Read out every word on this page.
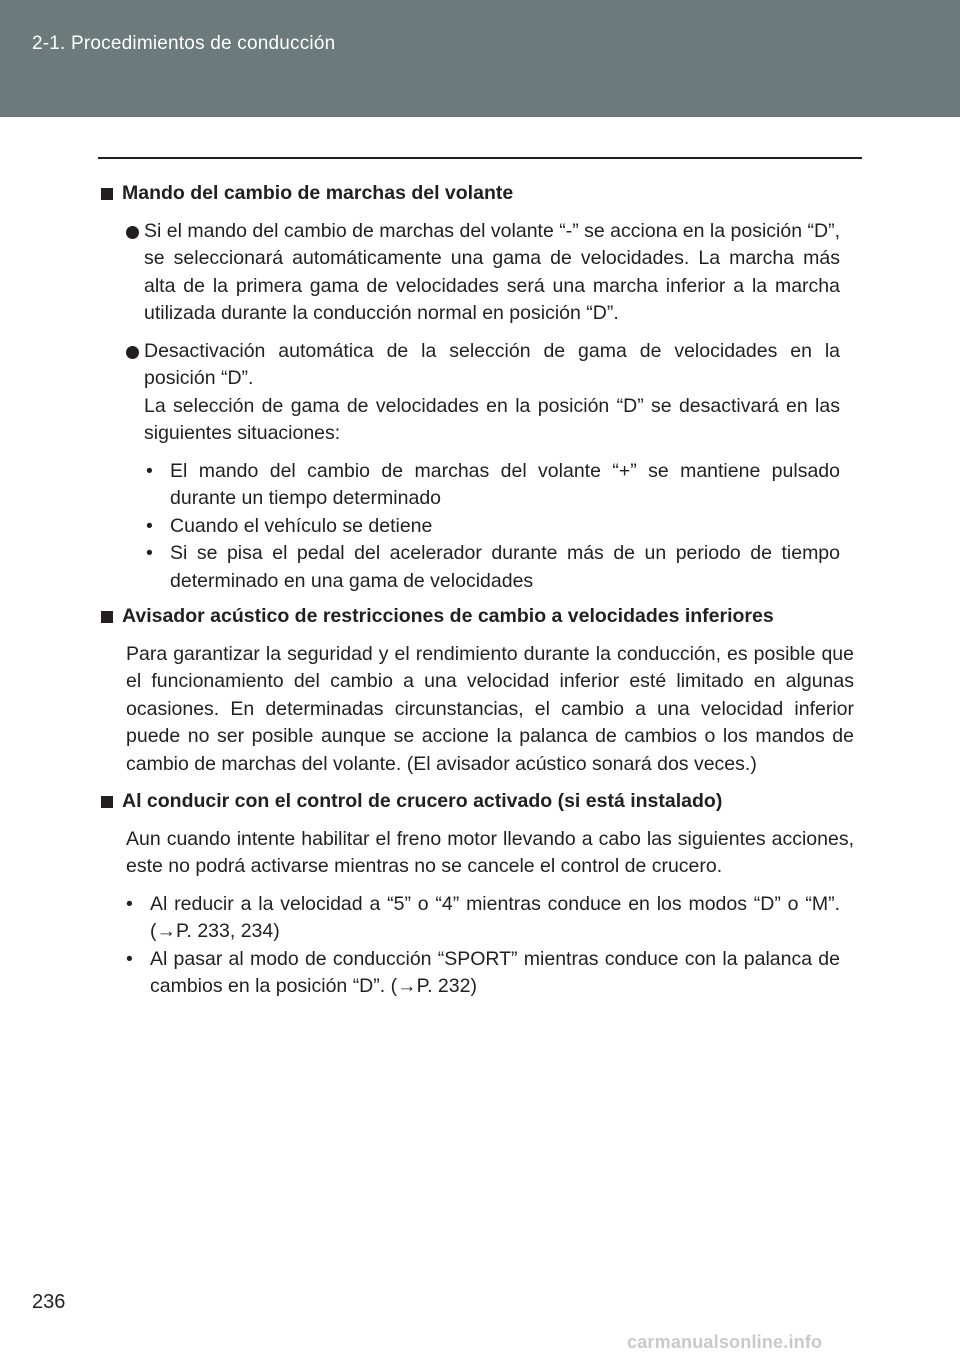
2-1. Procedimientos de conducción
Mando del cambio de marchas del volante

Si el mando del cambio de marchas del volante “-” se acciona en la posición “D”, se seleccionará automáticamente una gama de velocidades. La marcha más alta de la primera gama de velocidades será una marcha inferior a la marcha utilizada durante la conducción normal en posición “D”.

Desactivación automática de la selección de gama de velocidades en la posición “D”.

La selección de gama de velocidades en la posición “D” se desactivará en las siguientes situaciones:

• El mando del cambio de marchas del volante “+” se mantiene pulsado durante un tiempo determinado
• Cuando el vehículo se detiene
• Si se pisa el pedal del acelerador durante más de un periodo de tiempo determinado en una gama de velocidades
Avisador acústico de restricciones de cambio a velocidades inferiores

Para garantizar la seguridad y el rendimiento durante la conducción, es posible que el funcionamiento del cambio a una velocidad inferior esté limitado en algunas ocasiones. En determinadas circunstancias, el cambio a una velocidad inferior puede no ser posible aunque se accione la palanca de cambios o los mandos de cambio de marchas del volante. (El avisador acústico sonará dos veces.)

Al conducir con el control de crucero activado (si está instalado)

Aun cuando intente habilitar el freno motor llevando a cabo las siguientes acciones, este no podrá activarse mientras no se cancele el control de crucero.

• Al reducir a la velocidad a “5” o “4” mientras conduce en los modos “D” o “M”. (→P. 233, 234)
• Al pasar al modo de conducción “SPORT” mientras conduce con la palanca de cambios en la posición “D”. (→P. 232)
236
carmanualsonline.info
